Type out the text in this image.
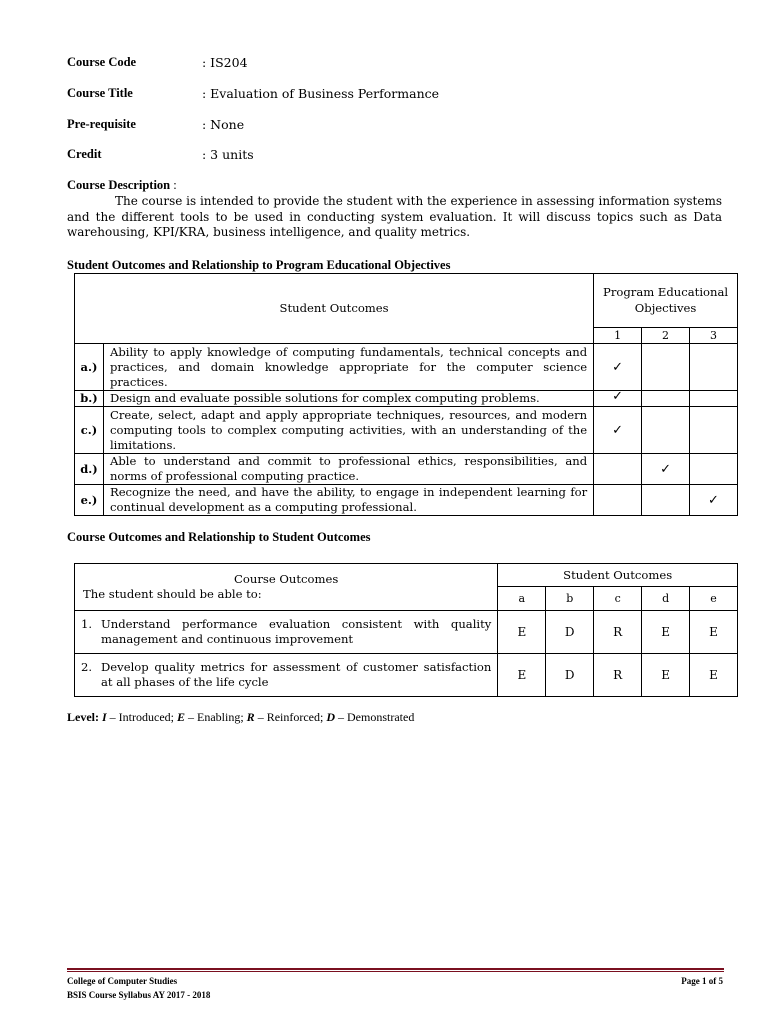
Course Code	: IS204
Course Title	: Evaluation of Business Performance
Pre-requisite	: None
Credit	: 3 units
Course Description :
The course is intended to provide the student with the experience in assessing information systems and the different tools to be used in conducting system evaluation. It will discuss topics such as Data warehousing, KPI/KRA, business intelligence, and quality metrics.
Student Outcomes and Relationship to Program Educational Objectives
Student Outcomes		Program Educational Objectives		
		1	2	3
a.)	Ability to apply knowledge of computing fundamentals, technical concepts and practices, and domain knowledge appropriate for the computer science practices.	✓		
b.)	Design and evaluate possible solutions for complex computing problems.	✓		
c.)	Create, select, adapt and apply appropriate techniques, resources, and modern computing tools to complex computing activities, with an understanding of the limitations.	✓		
d.)	Able to understand and commit to professional ethics, responsibilities, and norms of professional computing practice.		✓	
e.)	Recognize the need, and have the ability, to engage in independent learning for continual development as a computing professional.			✓
Course Outcomes and Relationship to Student Outcomes
Course Outcomes
The student should be able to:	Student Outcomes				
	a	b	c	d	e

1. Understand performance evaluation consistent with quality management and continuous improvement	E	D	R	E	E

2. Develop quality metrics for assessment of customer satisfaction at all phases of the life cycle	E	D	R	E	E
Level: I – Introduced; E – Enabling; R – Reinforced; D – Demonstrated
College of Computer Studies
BSIS Course Syllabus AY 2017 - 2018
Page 1 of 5
